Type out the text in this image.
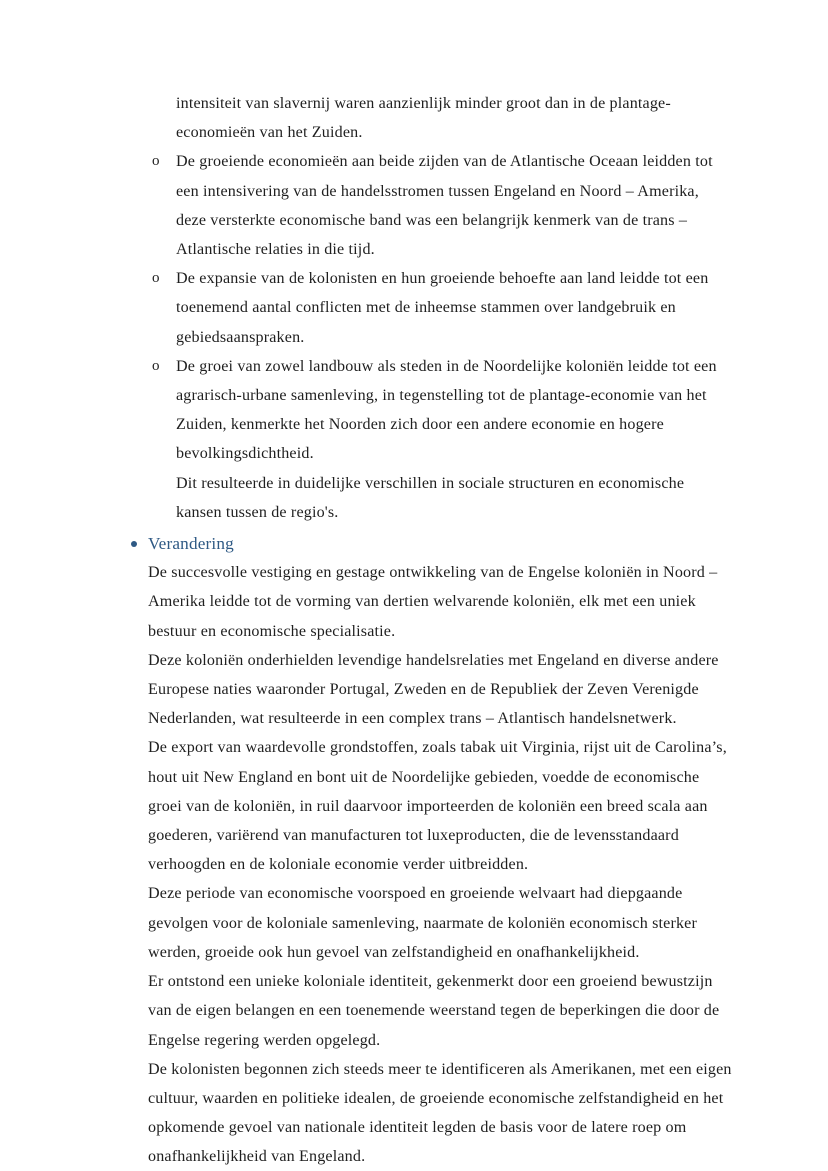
intensiteit van slavernij waren aanzienlijk minder groot dan in de plantage-economieën van het Zuiden.

o	De groeiende economieën aan beide zijden van de Atlantische Oceaan leidden tot een intensivering van de handelsstromen tussen Engeland en Noord – Amerika, deze versterkte economische band was een belangrijk kenmerk van de trans – Atlantische relaties in die tijd.
o	De expansie van de kolonisten en hun groeiende behoefte aan land leidde tot een toenemend aantal conflicten met de inheemse stammen over landgebruik en gebiedsaanspraken.
o	De groei van zowel landbouw als steden in de Noordelijke koloniën leidde tot een agrarisch-urbane samenleving, in tegenstelling tot de plantage-economie van het Zuiden, kenmerkte het Noorden zich door een andere economie en hogere bevolkingsdichtheid.

Dit resulteerde in duidelijke verschillen in sociale structuren en economische kansen tussen de regio's.

Verandering

De succesvolle vestiging en gestage ontwikkeling van de Engelse koloniën in Noord – Amerika leidde tot de vorming van dertien welvarende koloniën, elk met een uniek bestuur en economische specialisatie.

Deze koloniën onderhielden levendige handelsrelaties met Engeland en diverse andere Europese naties waaronder Portugal, Zweden en de Republiek der Zeven Verenigde Nederlanden, wat resulteerde in een complex trans – Atlantisch handelsnetwerk.

De export van waardevolle grondstoffen, zoals tabak uit Virginia, rijst uit de Carolina’s, hout uit New England en bont uit de Noordelijke gebieden, voedde de economische groei van de koloniën, in ruil daarvoor importeerden de koloniën een breed scala aan goederen, variërend van manufacturen tot luxeproducten, die de levensstandaard verhoogden en de koloniale economie verder uitbreidden.

Deze periode van economische voorspoed en groeiende welvaart had diepgaande gevolgen voor de koloniale samenleving, naarmate de koloniën economisch sterker werden, groeide ook hun gevoel van zelfstandigheid en onafhankelijkheid.

Er ontstond een unieke koloniale identiteit, gekenmerkt door een groeiend bewustzijn van de eigen belangen en een toenemende weerstand tegen de beperkingen die door de Engelse regering werden opgelegd.

De kolonisten begonnen zich steeds meer te identificeren als Amerikanen, met een eigen cultuur, waarden en politieke idealen, de groeiende economische zelfstandigheid en het opkomende gevoel van nationale identiteit legden de basis voor de latere roep om onafhankelijkheid van Engeland.
